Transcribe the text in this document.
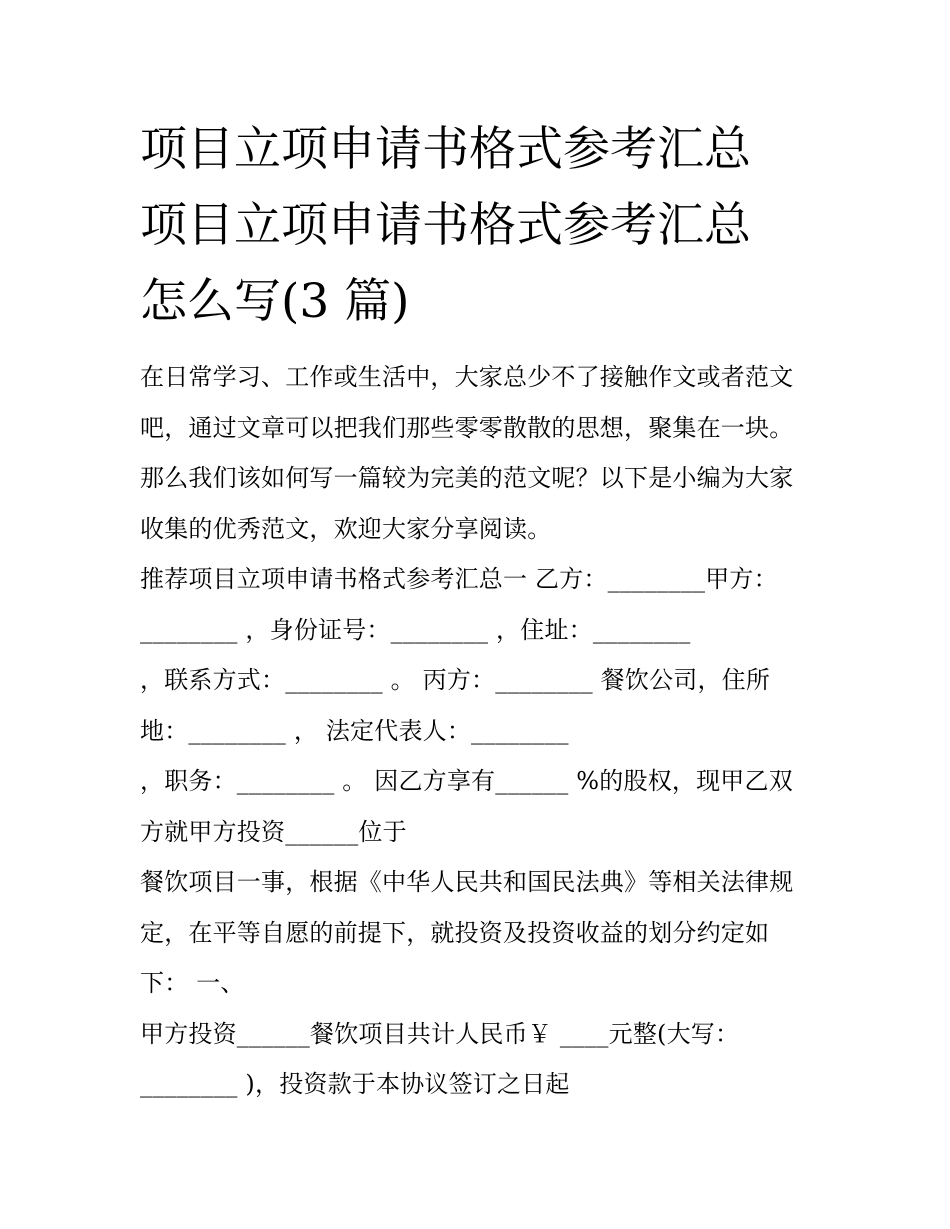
项目立项申请书格式参考汇总
项目立项申请书格式参考汇总
怎么写(3 篇)
在日常学习、工作或生活中，大家总少不了接触作文或者范文
吧，通过文章可以把我们那些零零散散的思想，聚集在一块。
那么我们该如何写一篇较为完美的范文呢？以下是小编为大家
收集的优秀范文，欢迎大家分享阅读。
推荐项目立项申请书格式参考汇总一 乙方：________甲方：
________ ，身份证号：________ ，住址：________
，联系方式：________ 。 丙方：________ 餐饮公司，住所
地：________ ， 法定代表人：________
，职务：________ 。 因乙方享有______ %的股权，现甲乙双
方就甲方投资______位于
餐饮项目一事，根据《中华人民共和国民法典》等相关法律规
定，在平等自愿的前提下，就投资及投资收益的划分约定如
下： 一、
甲方投资______餐饮项目共计人民币￥ ____元整(大写：
________ )，投资款于本协议签订之日起
